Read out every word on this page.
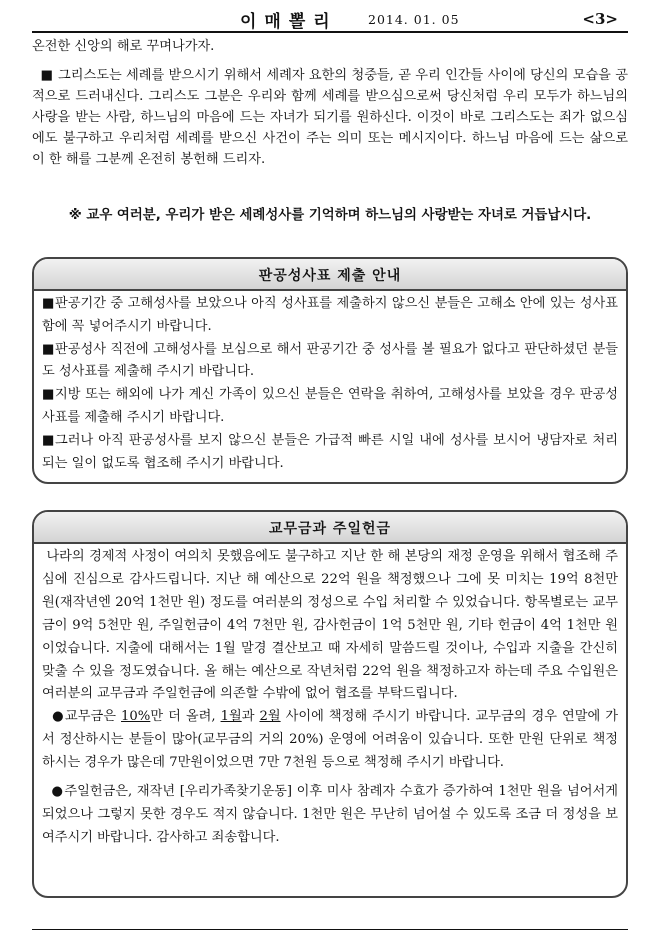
이매뽈리 2014. 01. 05	<3>
온전한 신앙의 해로 꾸며나가자.
■ 그리스도는 세례를 받으시기 위해서 세례자 요한의 청중들, 곧 우리 인간들 사이에 당신의 모습을 공적으로 드러내신다. 그리스도 그분은 우리와 함께 세례를 받으심으로써 당신처럼 우리 모두가 하느님의 사랑을 받는 사람, 하느님의 마음에 드는 자녀가 되기를 원하신다. 이것이 바로 그리스도는 죄가 없으심에도 불구하고 우리처럼 세례를 받으신 사건이 주는 의미 또는 메시지이다. 하느님 마음에 드는 삶으로 이 한 해를 그분께 온전히 봉헌해 드리자.
※ 교우 여러분, 우리가 받은 세례성사를 기억하며 하느님의 사랑받는 자녀로 거듭납시다.
판공성사표 제출 안내

■판공기간 중 고해성사를 보았으나 아직 성사표를 제출하지 않으신 분들은 고해소 안에 있는 성사표함에 꼭 넣어주시기 바랍니다.

■판공성사 직전에 고해성사를 보심으로 해서 판공기간 중 성사를 볼 필요가 없다고 판단하셨던 분들도 성사표를 제출해 주시기 바랍니다.

■지방 또는 해외에 나가 계신 가족이 있으신 분들은 연락을 취하여, 고해성사를 보았을 경우 판공성사표를 제출해 주시기 바랍니다.

■그러나 아직 판공성사를 보지 않으신 분들은 가급적 빠른 시일 내에 성사를 보시어 냉담자로 처리되는 일이 없도록 협조해 주시기 바랍니다.

교무금과 주일헌금

나라의 경제적 사정이 여의치 못했음에도 불구하고 지난 한 해 본당의 재정 운영을 위해서 협조해 주심에 진심으로 감사드립니다. 지난 해 예산으로 22억 원을 책정했으나 그에 못 미치는 19억 8천만 원(재작년엔 20억 1천만 원) 정도를 여러분의 정성으로 수입 처리할 수 있었습니다. 항목별로는 교무금이 9억 5천만 원, 주일헌금이 4억 7천만 원, 감사헌금이 1억 5천만 원, 기타 헌금이 4억 1천만 원이었습니다. 지출에 대해서는 1월 말경 결산보고 때 자세히 말씀드릴 것이나, 수입과 지출을 간신히 맞출 수 있을 정도였습니다. 올 해는 예산으로 작년처럼 22억 원을 책정하고자 하는데 주요 수입원은 여러분의 교무금과 주일헌금에 의존할 수밖에 없어 협조를 부탁드립니다.

●교무금은 10%만 더 올려, 1월과 2월 사이에 책정해 주시기 바랍니다. 교무금의 경우 연말에 가서 정산하시는 분들이 많아(교무금의 거의 20%) 운영에 어려움이 있습니다. 또한 만원 단위로 책정하시는 경우가 많은데 7만원이었으면 7만 7천원 등으로 책정해 주시기 바랍니다.

●주일헌금은, 재작년 [우리가족찾기운동] 이후 미사 참례자 수효가 증가하여 1천만 원을 넘어서게 되었으나 그렇지 못한 경우도 적지 않습니다. 1천만 원은 무난히 넘어설 수 있도록 조금 더 정성을 보여주시기 바랍니다. 감사하고 죄송합니다.
